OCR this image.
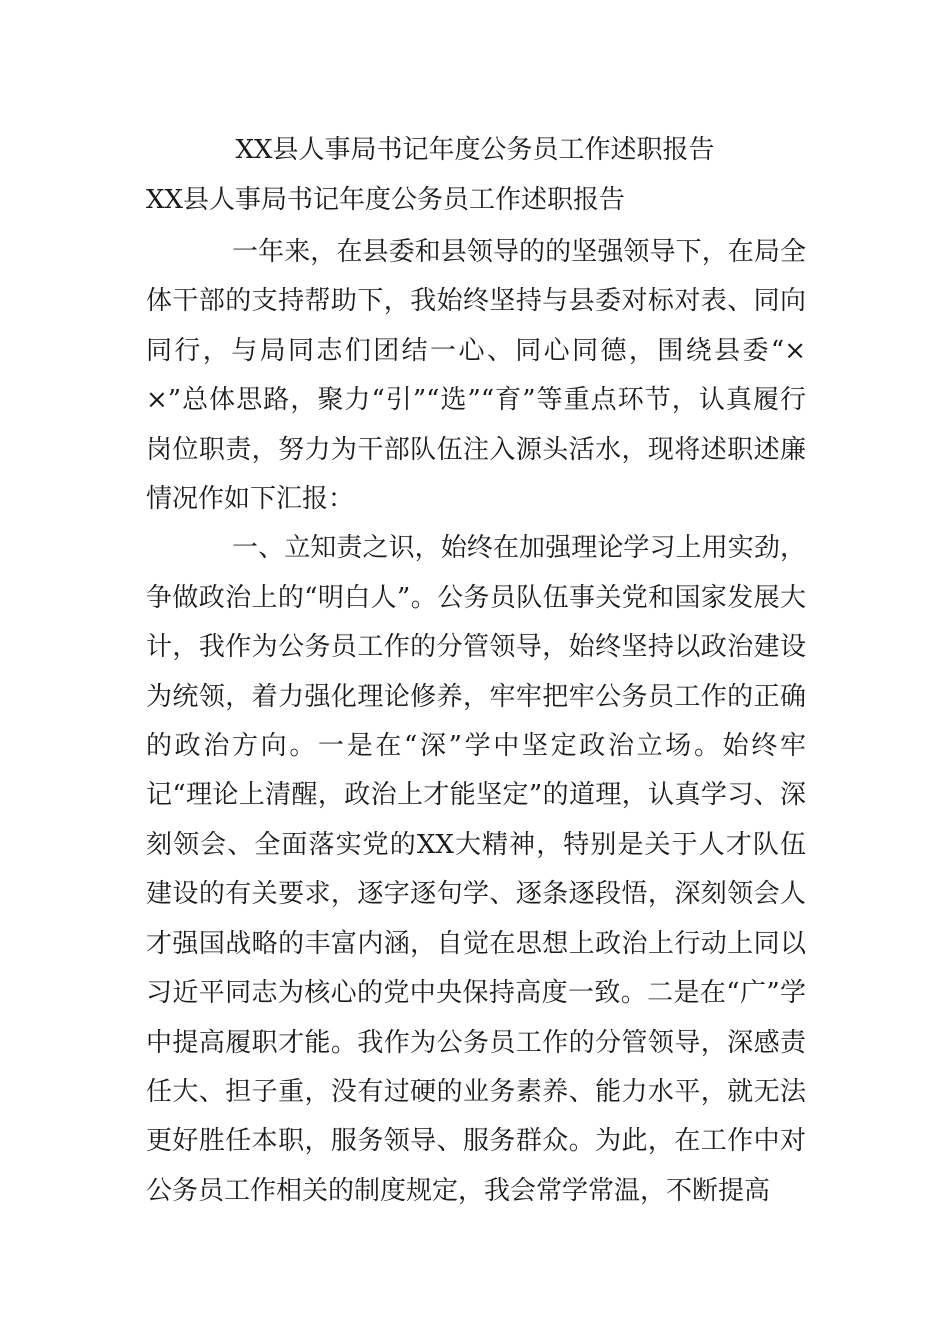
XX县人事局书记年度公务员工作述职报告
XX县人事局书记年度公务员工作述职报告

一年来，在县委和县领导的的坚强领导下，在局全体干部的支持帮助下，我始终坚持与县委对标对表、同向同行，与局同志们团结一心、同心同德，围绕县委“××”总体思路，聚力“引”“选”“育”等重点环节，认真履行岗位职责，努力为干部队伍注入源头活水，现将述职述廉情况作如下汇报：

一、立知责之识，始终在加强理论学习上用实劲，争做政治上的“明白人”。公务员队伍事关党和国家发展大计，我作为公务员工作的分管领导，始终坚持以政治建设为统领，着力强化理论修养，牢牢把牢公务员工作的正确的政治方向。一是在“深”学中坚定政治立场。始终牢记“理论上清醒，政治上才能坚定”的道理，认真学习、深刻领会、全面落实党的XX大精神，特别是关于人才队伍建设的有关要求，逐字逐句学、逐条逐段悟，深刻领会人才强国战略的丰富内涵，自觉在思想上政治上行动上同以习近平同志为核心的党中央保持高度一致。二是在“广”学中提高履职才能。我作为公务员工作的分管领导，深感责任大、担子重，没有过硬的业务素养、能力水平，就无法更好胜任本职，服务领导、服务群众。为此，在工作中对公务员工作相关的制度规定，我会常学常温，不断提高
